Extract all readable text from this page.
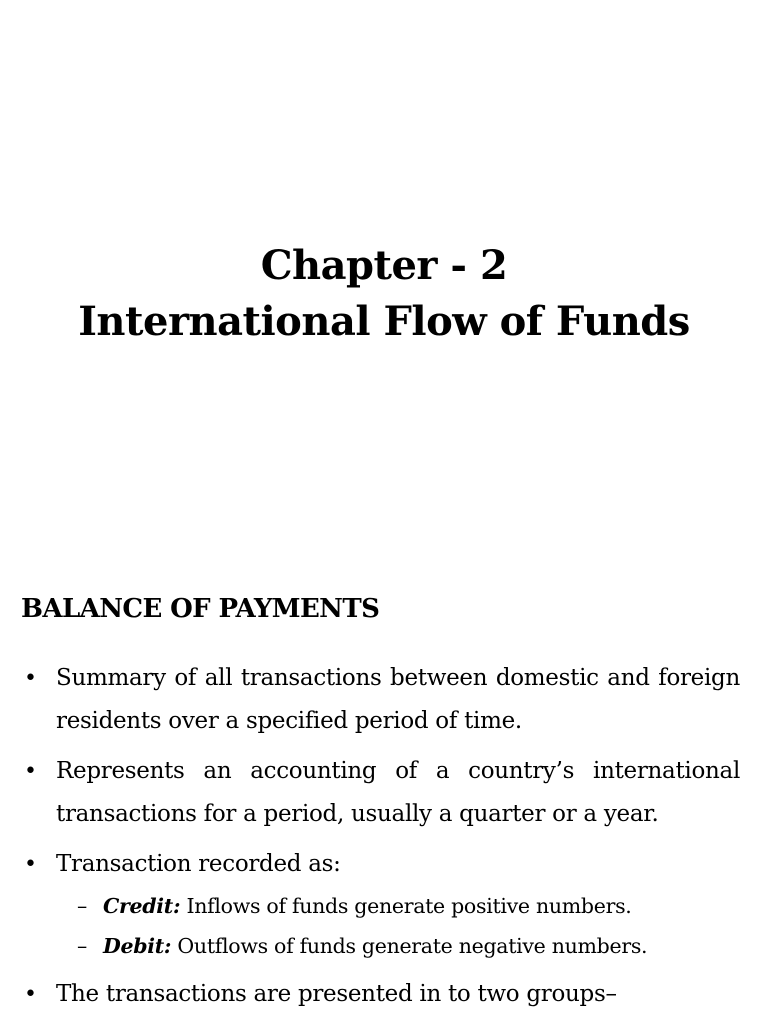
Chapter - 2
International Flow of Funds
BALANCE OF PAYMENTS
• Summary of all transactions between domestic and foreign residents over a specified period of time.
• Represents an accounting of a country’s international transactions for a period, usually a quarter or a year.
• Transaction recorded as:
– Credit: Inflows of funds generate positive numbers.
– Debit: Outflows of funds generate negative numbers.
• The transactions are presented in to two groups–
